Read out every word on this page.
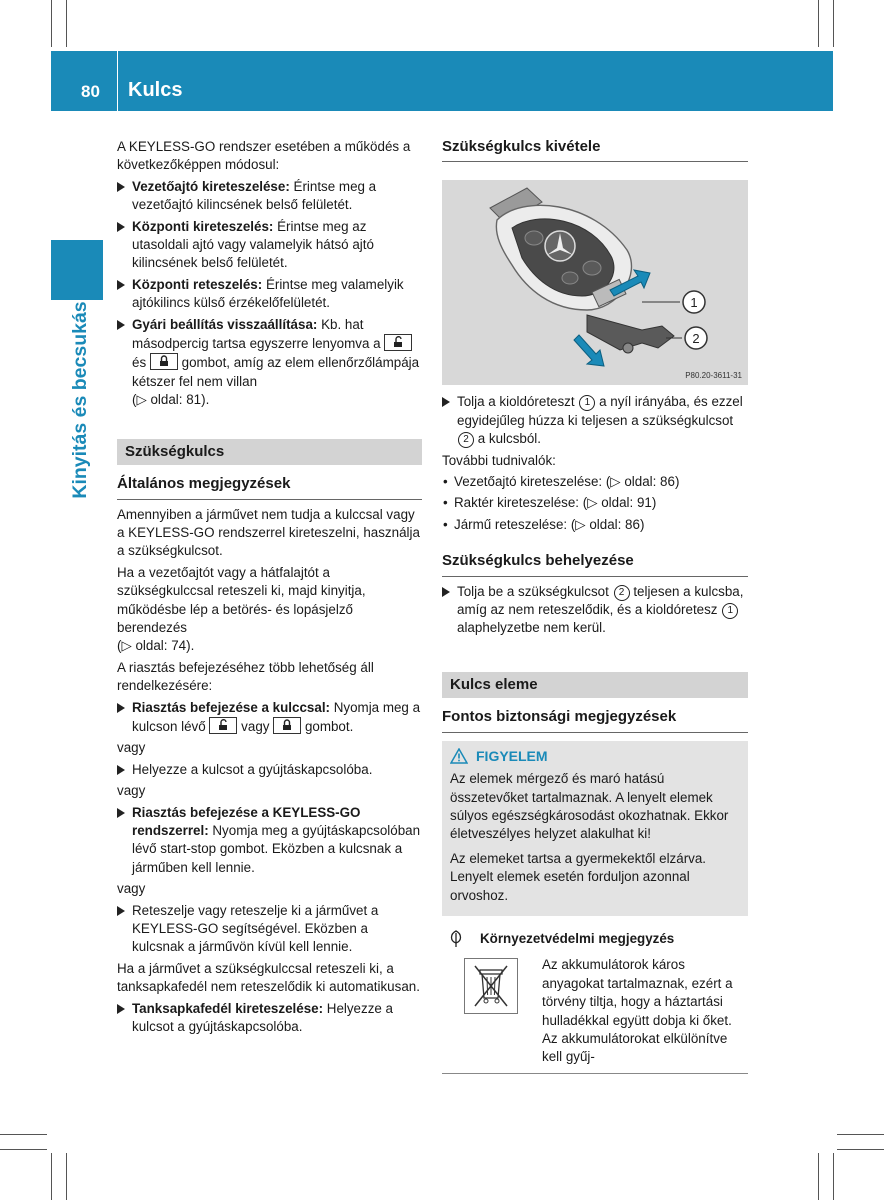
80 Kulcs
Kinyitás és becsukás

A KEYLESS-GO rendszer esetében a működés a következőképpen módosul:

Vezetőajtó kireteszelése: Érintse meg a vezetőajtó kilincsének belső felületét.
Központi kireteszelés: Érintse meg az utasoldali ajtó vagy valamelyik hátsó ajtó kilincsének belső felületét.
Központi reteszelés: Érintse meg valamelyik ajtókilincs külső érzékelőfelületét.
Gyári beállítás visszaállítása: Kb. hat másodpercig tartsa egyszerre lenyomva a
és	gombot, amíg az elem ellenőrzőlámpája kétszer fel nem villan
(▷ oldal: 81).
Szükségkulcs
Általános megjegyzések

Amennyiben a járművet nem tudja a kulccsal vagy a KEYLESS-GO rendszerrel kireteszelni, használja a szükségkulcsot.

Ha a vezetőajtót vagy a hátfalajtót a szükségkulccsal reteszeli ki, majd kinyitja, működésbe lép a betörés- és lopásjelző berendezés
(▷ oldal: 74).

A riasztás befejezéséhez több lehetőség áll rendelkezésére:

Riasztás befejezése a kulccsal: Nyomja meg a kulcson lévő	vagy	gombot.

vagy

Helyezze a kulcsot a gyújtáskapcsolóba.

vagy

Riasztás befejezése a KEYLESS-GO rendszerrel: Nyomja meg a gyújtáskapcsolóban lévő start-stop gombot. Eközben a kulcsnak a járműben kell lennie.

vagy

Reteszelje vagy reteszelje ki a járművet a KEYLESS-GO segítségével. Eközben a kulcsnak a járművön kívül kell lennie.

Ha a járművet a szükségkulccsal reteszeli ki, a tanksapkafedél nem reteszelődik ki automatikusan.

Tanksapkafedél kireteszelése: Helyezze a kulcsot a gyújtáskapcsolóba.
Szükségkulcs kivétele
1
2
P80.20-3611-31
Tolja a kioldóreteszt 1 a nyíl irányába, és ezzel egyidejűleg húzza ki teljesen a szükségkulcsot 2 a kulcsból.

További tudnivalók:

• Vezetőajtó kireteszelése: (▷ oldal: 86)
• Raktér kireteszelése: (▷ oldal: 91)
• Jármű reteszelése: (▷ oldal: 86)
Szükségkulcs behelyezése
Tolja be a szükségkulcsot 2 teljesen a kulcsba, amíg az nem reteszelődik, és a kioldóretesz 1 alaphelyzetbe nem kerül.
Kulcs eleme
Fontos biztonsági megjegyzések
FIGYELEM

Az elemek mérgező és maró hatású összetevőket tartalmaznak. A lenyelt elemek súlyos egészségkárosodást okozhatnak. Ekkor életveszélyes helyzet alakulhat ki!

Az elemeket tartsa a gyermekektől elzárva. Lenyelt elemek esetén forduljon azonnal orvoshoz.

Környezetvédelmi megjegyzés

Az akkumulátorok káros anyagokat tartalmaznak, ezért a törvény tiltja, hogy a háztartási hulladékkal együtt dobja ki őket. Az akkumulátorokat elkülönítve kell gyűj-
